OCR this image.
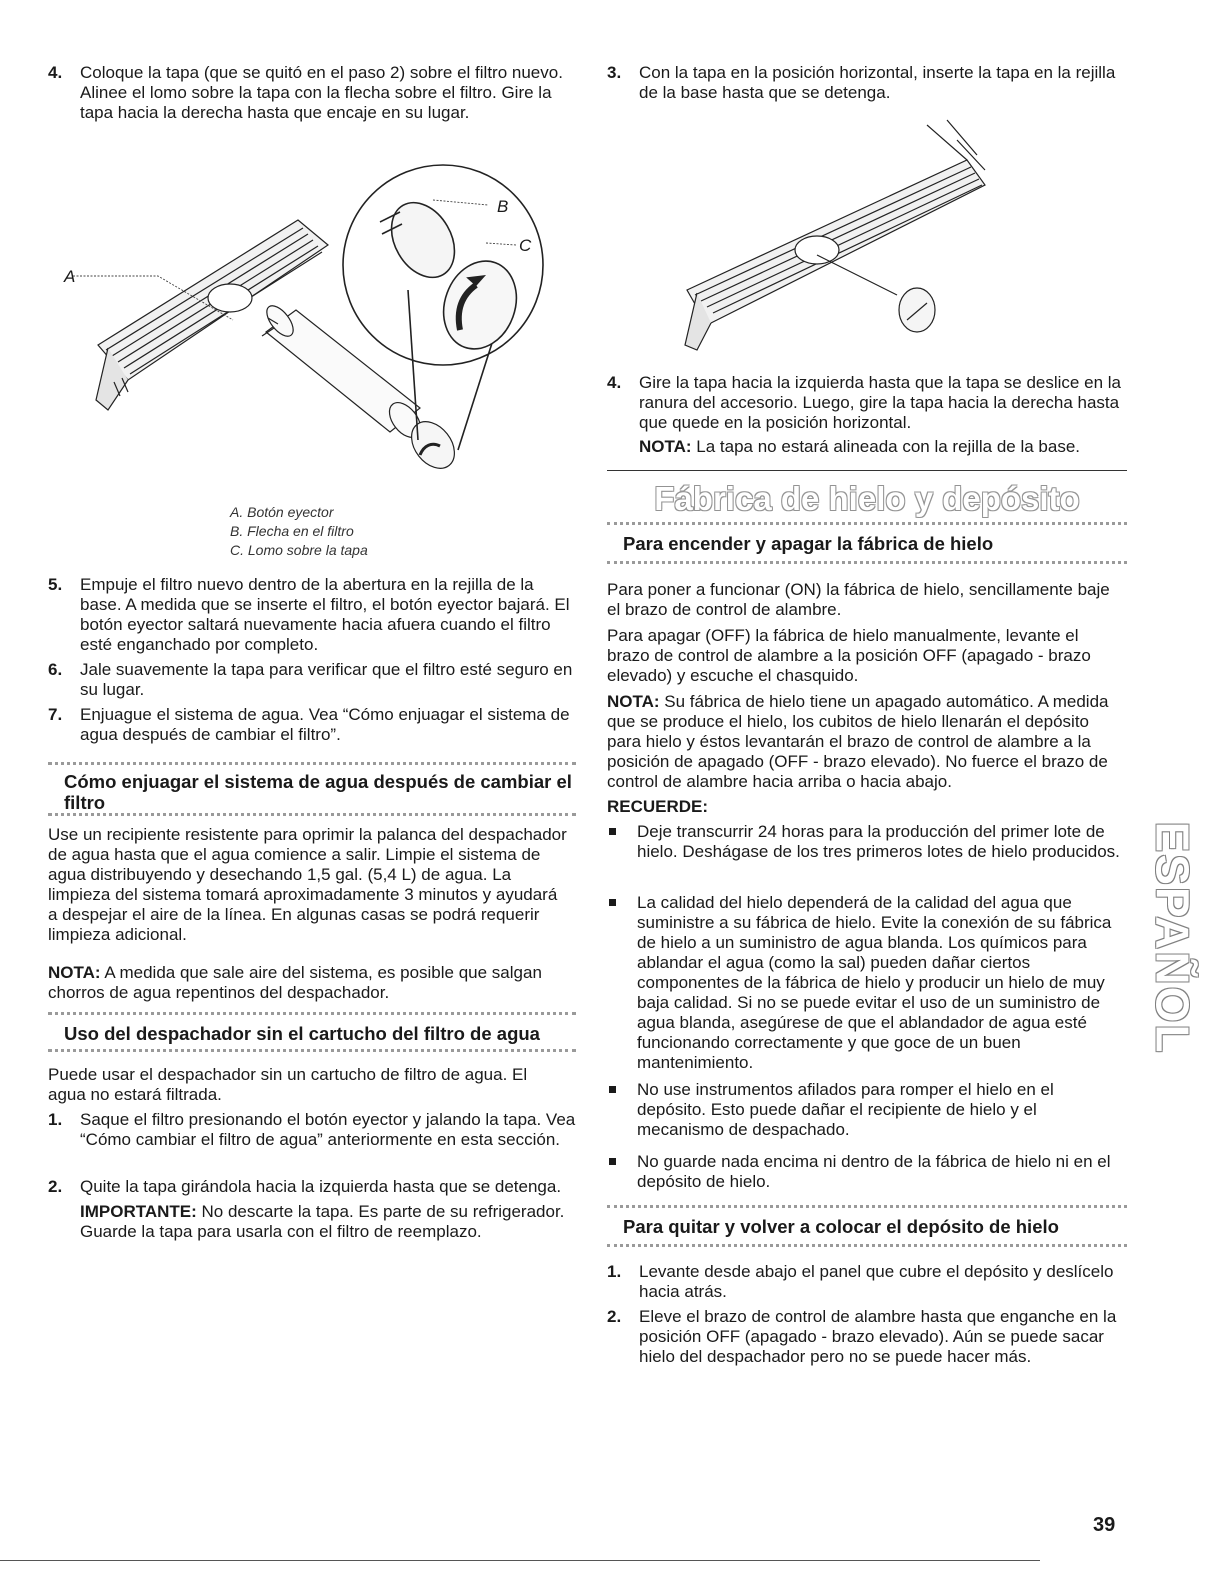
4. Coloque la tapa (que se quitó en el paso 2) sobre el filtro nuevo. Alinee el lomo sobre la tapa con la flecha sobre el filtro. Gire la tapa hacia la derecha hasta que encaje en su lugar.

A
B
C
A. Botón eyector
B. Flecha en el filtro
C. Lomo sobre la tapa
5. Empuje el filtro nuevo dentro de la abertura en la rejilla de la base. A medida que se inserte el filtro, el botón eyector bajará. El botón eyector saltará nuevamente hacia afuera cuando el filtro esté enganchado por completo.

6. Jale suavemente la tapa para verificar que el filtro esté seguro en su lugar.

7. Enjuague el sistema de agua. Vea “Cómo enjuagar el sistema de agua después de cambiar el filtro”.

Cómo enjuagar el sistema de agua después de cambiar el filtro

Use un recipiente resistente para oprimir la palanca del despachador de agua hasta que el agua comience a salir. Limpie el sistema de agua distribuyendo y desechando 1,5 gal. (5,4 L) de agua. La limpieza del sistema tomará aproximadamente 3 minutos y ayudará a despejar el aire de la línea. En algunas casas se podrá requerir limpieza adicional.

NOTA: A medida que sale aire del sistema, es posible que salgan chorros de agua repentinos del despachador.

Uso del despachador sin el cartucho del filtro de agua

Puede usar el despachador sin un cartucho de filtro de agua. El agua no estará filtrada.

1. Saque el filtro presionando el botón eyector y jalando la tapa. Vea “Cómo cambiar el filtro de agua” anteriormente en esta sección.

2. Quite la tapa girándola hacia la izquierda hasta que se detenga.

IMPORTANTE: No descarte la tapa. Es parte de su refrigerador. Guarde la tapa para usarla con el filtro de reemplazo.

3. Con la tapa en la posición horizontal, inserte la tapa en la rejilla de la base hasta que se detenga.

4. Gire la tapa hacia la izquierda hasta que la tapa se deslice en la ranura del accesorio. Luego, gire la tapa hacia la derecha hasta que quede en la posición horizontal.

NOTA: La tapa no estará alineada con la rejilla de la base.

Fábrica de hielo y depósito
Para encender y apagar la fábrica de hielo

Para poner a funcionar (ON) la fábrica de hielo, sencillamente baje el brazo de control de alambre.

Para apagar (OFF) la fábrica de hielo manualmente, levante el brazo de control de alambre a la posición OFF (apagado - brazo elevado) y escuche el chasquido.

NOTA: Su fábrica de hielo tiene un apagado automático. A medida que se produce el hielo, los cubitos de hielo llenarán el depósito para hielo y éstos levantarán el brazo de control de alambre a la posición de apagado (OFF - brazo elevado). No fuerce el brazo de control de alambre hacia arriba o hacia abajo.

RECUERDE:

Deje transcurrir 24 horas para la producción del primer lote de hielo. Deshágase de los tres primeros lotes de hielo producidos.

La calidad del hielo dependerá de la calidad del agua que suministre a su fábrica de hielo. Evite la conexión de su fábrica de hielo a un suministro de agua blanda. Los químicos para ablandar el agua (como la sal) pueden dañar ciertos componentes de la fábrica de hielo y producir un hielo de muy baja calidad. Si no se puede evitar el uso de un suministro de agua blanda, asegúrese de que el ablandador de agua esté funcionando correctamente y que goce de un buen mantenimiento.

No use instrumentos afilados para romper el hielo en el depósito. Esto puede dañar el recipiente de hielo y el mecanismo de despachado.

No guarde nada encima ni dentro de la fábrica de hielo ni en el depósito de hielo.

Para quitar y volver a colocar el depósito de hielo
1. Levante desde abajo el panel que cubre el depósito y deslícelo hacia atrás.

2. Eleve el brazo de control de alambre hasta que enganche en la posición OFF (apagado - brazo elevado). Aún se puede sacar hielo del despachador pero no se puede hacer más.

ESPAÑOL
39
